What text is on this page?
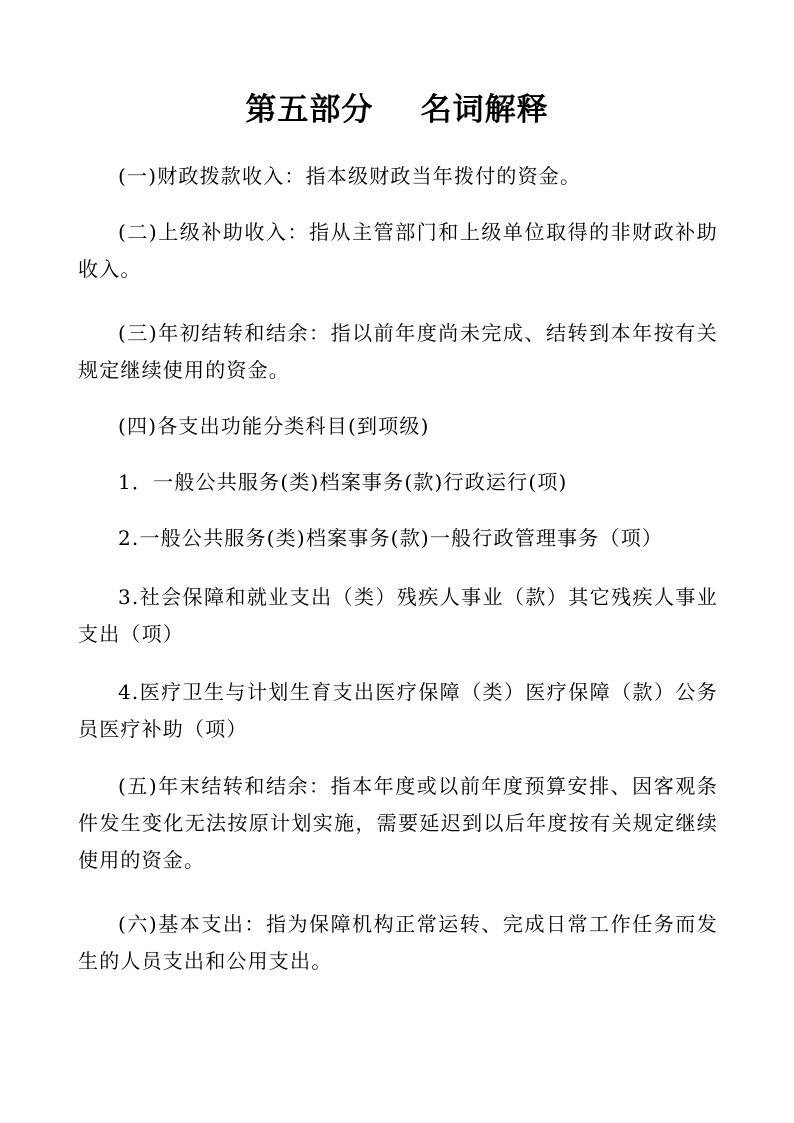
第五部分    名词解释
(一)财政拨款收入：指本级财政当年拨付的资金。
(二)上级补助收入：指从主管部门和上级单位取得的非财政补助收入。
(三)年初结转和结余：指以前年度尚未完成、结转到本年按有关规定继续使用的资金。
(四)各支出功能分类科目(到项级)
1．一般公共服务(类)档案事务(款)行政运行(项)
2.一般公共服务(类)档案事务(款)一般行政管理事务（项）
3.社会保障和就业支出（类）残疾人事业（款）其它残疾人事业支出（项）
4.医疗卫生与计划生育支出医疗保障（类）医疗保障（款）公务员医疗补助（项）
(五)年末结转和结余：指本年度或以前年度预算安排、因客观条件发生变化无法按原计划实施，需要延迟到以后年度按有关规定继续使用的资金。
(六)基本支出：指为保障机构正常运转、完成日常工作任务而发生的人员支出和公用支出。
